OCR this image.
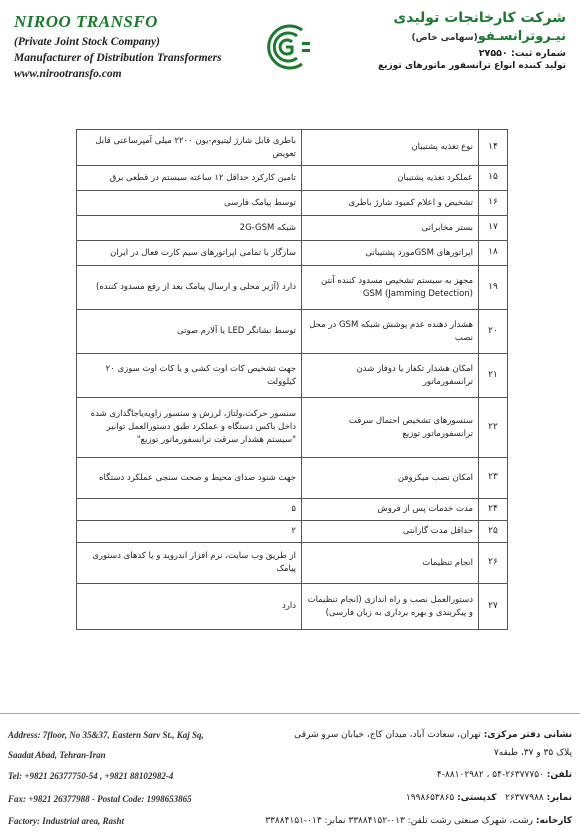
NIROO TRANSFO
(Private Joint Stock Company)
Manufacturer of Distribution Transformers
www.nirootransfo.com
شرکت کارخانجات تولیدی
نیـروترانسـفو(سهامی خاص)
شماره ثبت: ۲۷۵۵۰
تولید کننده انواع ترانسفور ماتورهای توزیع
۱۴	نوع تغذیه پشتیبان	باطری قابل شارژ لیتیوم-یون ۲۲۰۰ میلی آمپرساعتی قابل تعویض
۱۵	عملکرد تغذیه پشتیبان	تامین کارکرد حداقل ۱۲ ساعته سیستم در قطعی برق
۱۶	تشخیص و اعلام کمبود شارژ باطری	توسط پیامک فارسی
۱۷	بستر مخابراتی	شبکه 2G-GSM
۱۸	اپراتورهای GSMمورد پشتیبانی	سازگار با تمامی اپراتورهای سیم کارت فعال در ایران
۱۹	مجهز به سیستم تشخیص مسدود کننده آنتن GSM (Jamming Detection)	دارد (آژیر محلی و ارسال پیامک بعد از رفع مسدود کننده)
۲۰	هشدار دهنده عدم پوشش شبکه GSM در محل نصب	توسط نشانگر LED یا آلارم صوتی
۲۱	امکان هشدار تکفاز یا دوفاز شدن ترانسفورماتور	جهت تشخیص کات اوت کشی و یا کات اوت سوزی ۲۰ کیلوولت
۲۲	سنسورهای تشخیص احتمال سرقت ترانسفورماتور توزیع	سنسور حرکت،ولتاژ، لرزش و سنسور زاویه‌یاجاگذاری شده داخل باکس دستگاه و عملکرد طبق دستورالعمل توانیر "سیستم هشدار سرقت ترانسفورماتور توزیع"
۲۳	امکان نصب میکروفن	جهت شنود صدای محیط و صحت سنجی عملکرد دستگاه
۲۴	مدت خدمات پس از فروش	۵
۲۵	حداقل مدت گارانتی	۲
۲۶	انجام تنظیمات	از طریق وب سایت، نرم افزار اندروید و یا کدهای دستوری پیامک
۲۷	دستورالعمل نصب و راه اندازی (انجام تنظیمات و پیکربندی و بهره برداری به زبان فارسی)	دارد
Address: 7floor, No 35&37, Eastern Sarv St., Kaj Sq,
Saadat Abad, Tehran-Iran
Tel: +9821 26377750-54 , +9821 88102982-4
Fax: +9821 26377988 - Postal Code: 1998653865
Factory: Industrial area, Rasht
نشانی دفتر مرکزی: تهران، سعادت آباد، میدان کاج، خیابان سرو شرقی
پلاک ۳۵ و ۳۷، طبقه۷
تلفن: ۲۶۳۷۷۷۵۰-۵۴ ، ۸۸۱۰۲۹۸۲-۴
نمابر: ۲۶۳۷۷۹۸۸   کدپستی: ۱۹۹۸۶۵۳۸۶۵
کارخانه: رشت، شهرک صنعتی رشت تلفن: ۰۱۳-۳۳۸۸۴۱۵۲ نمابر: ۰۱۳-۳۳۸۸۴۱۵۱
